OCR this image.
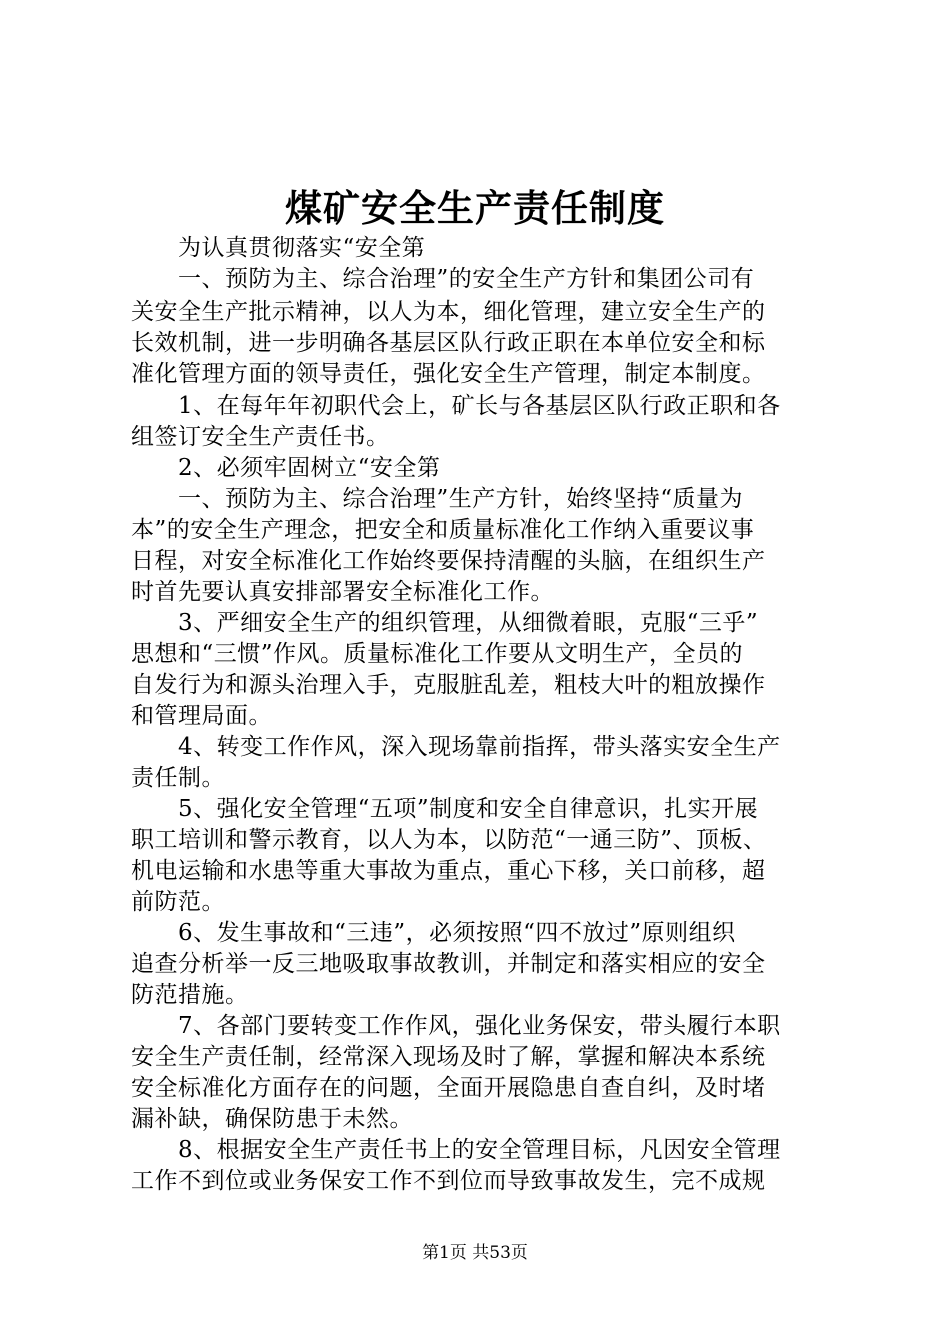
煤矿安全生产责任制度
为认真贯彻落实“安全第
一、预防为主、综合治理”的安全生产方针和集团公司有
关安全生产批示精神，以人为本，细化管理，建立安全生产的
长效机制，进一步明确各基层区队行政正职在本单位安全和标
准化管理方面的领导责任，强化安全生产管理，制定本制度。
1、在每年年初职代会上，矿长与各基层区队行政正职和各
组签订安全生产责任书。
2、必须牢固树立“安全第
一、预防为主、综合治理”生产方针，始终坚持“质量为
本”的安全生产理念，把安全和质量标准化工作纳入重要议事
日程，对安全标准化工作始终要保持清醒的头脑，在组织生产
时首先要认真安排部署安全标准化工作。
3、严细安全生产的组织管理，从细微着眼，克服“三乎”
思想和“三惯”作风。质量标准化工作要从文明生产，全员的
自发行为和源头治理入手，克服脏乱差，粗枝大叶的粗放操作
和管理局面。
4、转变工作作风，深入现场靠前指挥，带头落实安全生产
责任制。
5、强化安全管理“五项”制度和安全自律意识，扎实开展
职工培训和警示教育，以人为本，以防范“一通三防”、顶板、
机电运输和水患等重大事故为重点，重心下移，关口前移，超
前防范。
6、发生事故和“三违”，必须按照“四不放过”原则组织
追查分析举一反三地吸取事故教训，并制定和落实相应的安全
防范措施。
7、各部门要转变工作作风，强化业务保安，带头履行本职
安全生产责任制，经常深入现场及时了解，掌握和解决本系统
安全标准化方面存在的问题，全面开展隐患自查自纠，及时堵
漏补缺，确保防患于未然。
8、根据安全生产责任书上的安全管理目标，凡因安全管理
工作不到位或业务保安工作不到位而导致事故发生，完不成规
第1页 共53页
